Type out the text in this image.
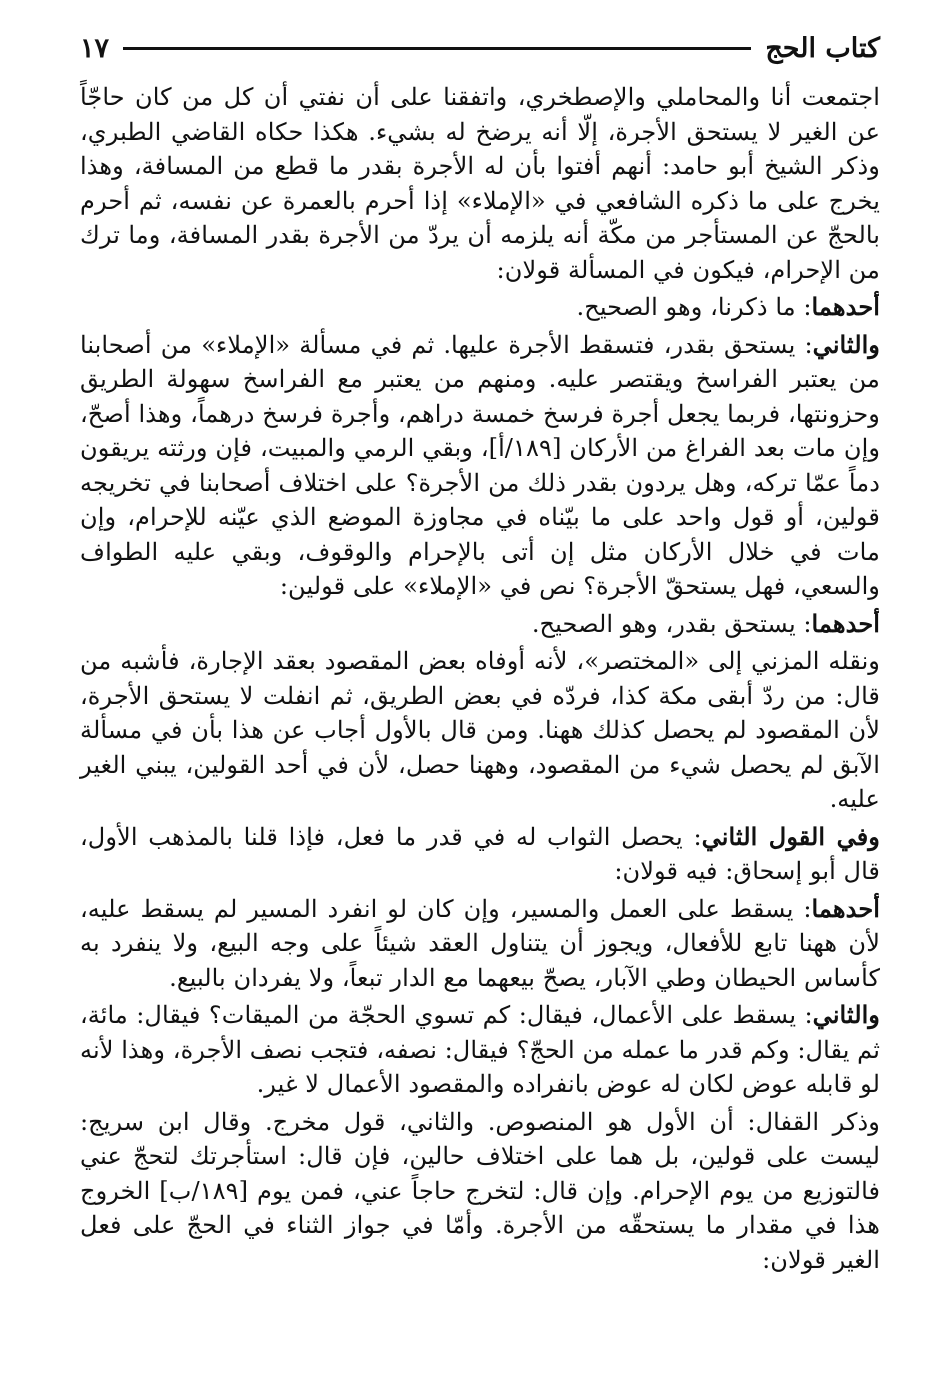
كتاب الحج
١٧

اجتمعت أنا والمحاملي والإصطخري، واتفقنا على أن نفتي أن كل من كان حاجّاً عن الغير لا يستحق الأجرة، إلّا أنه يرضخ له بشيء. هكذا حكاه القاضي الطبري، وذكر الشيخ أبو حامد: أنهم أفتوا بأن له الأجرة بقدر ما قطع من المسافة، وهذا يخرج على ما ذكره الشافعي في «الإملاء» إذا أحرم بالعمرة عن نفسه، ثم أحرم بالحجّ عن المستأجر من مكّة أنه يلزمه أن يردّ من الأجرة بقدر المسافة، وما ترك من الإحرام، فيكون في المسألة قولان:

أحدهما: ما ذكرنا، وهو الصحيح.

والثاني: يستحق بقدر، فتسقط الأجرة عليها. ثم في مسألة «الإملاء» من أصحابنا من يعتبر الفراسخ ويقتصر عليه. ومنهم من يعتبر مع الفراسخ سهولة الطريق وحزونتها، فربما يجعل أجرة فرسخ خمسة دراهم، وأجرة فرسخ درهماً، وهذا أصحّ، وإن مات بعد الفراغ من الأركان [١٨٩/أ]، وبقي الرمي والمبيت، فإن ورثته يريقون دماً عمّا تركه، وهل يردون بقدر ذلك من الأجرة؟ على اختلاف أصحابنا في تخريجه قولين، أو قول واحد على ما بيّناه في مجاوزة الموضع الذي عيّنه للإحرام، وإن مات في خلال الأركان مثل إن أتى بالإحرام والوقوف، وبقي عليه الطواف والسعي، فهل يستحقّ الأجرة؟ نص في «الإملاء» على قولين:

أحدهما: يستحق بقدر، وهو الصحيح.

ونقله المزني إلى «المختصر»، لأنه أوفاه بعض المقصود بعقد الإجارة، فأشبه من قال: من ردّ أبقى مكة كذا، فردّه في بعض الطريق، ثم انفلت لا يستحق الأجرة، لأن المقصود لم يحصل كذلك ههنا. ومن قال بالأول أجاب عن هذا بأن في مسألة الآبق لم يحصل شيء من المقصود، وههنا حصل، لأن في أحد القولين، يبني الغير عليه.

وفي القول الثاني: يحصل الثواب له في قدر ما فعل، فإذا قلنا بالمذهب الأول، قال أبو إسحاق: فيه قولان:

أحدهما: يسقط على العمل والمسير، وإن كان لو انفرد المسير لم يسقط عليه، لأن ههنا تابع للأفعال، ويجوز أن يتناول العقد شيئاً على وجه البيع، ولا ينفرد به كأساس الحيطان وطي الآبار، يصحّ بيعهما مع الدار تبعاً، ولا يفردان بالبيع.

والثاني: يسقط على الأعمال، فيقال: كم تسوي الحجّة من الميقات؟ فيقال: مائة، ثم يقال: وكم قدر ما عمله من الحجّ؟ فيقال: نصفه، فتجب نصف الأجرة، وهذا لأنه لو قابله عوض لكان له عوض بانفراده والمقصود الأعمال لا غير.

وذكر القفال: أن الأول هو المنصوص. والثاني، قول مخرج. وقال ابن سريج: ليست على قولين، بل هما على اختلاف حالين، فإن قال: استأجرتك لتحجّ عني فالتوزيع من يوم الإحرام. وإن قال: لتخرج حاجاً عني، فمن يوم [١٨٩/ب] الخروج هذا في مقدار ما يستحقّه من الأجرة. وأمّا في جواز الثناء في الحجّ على فعل الغير قولان:
